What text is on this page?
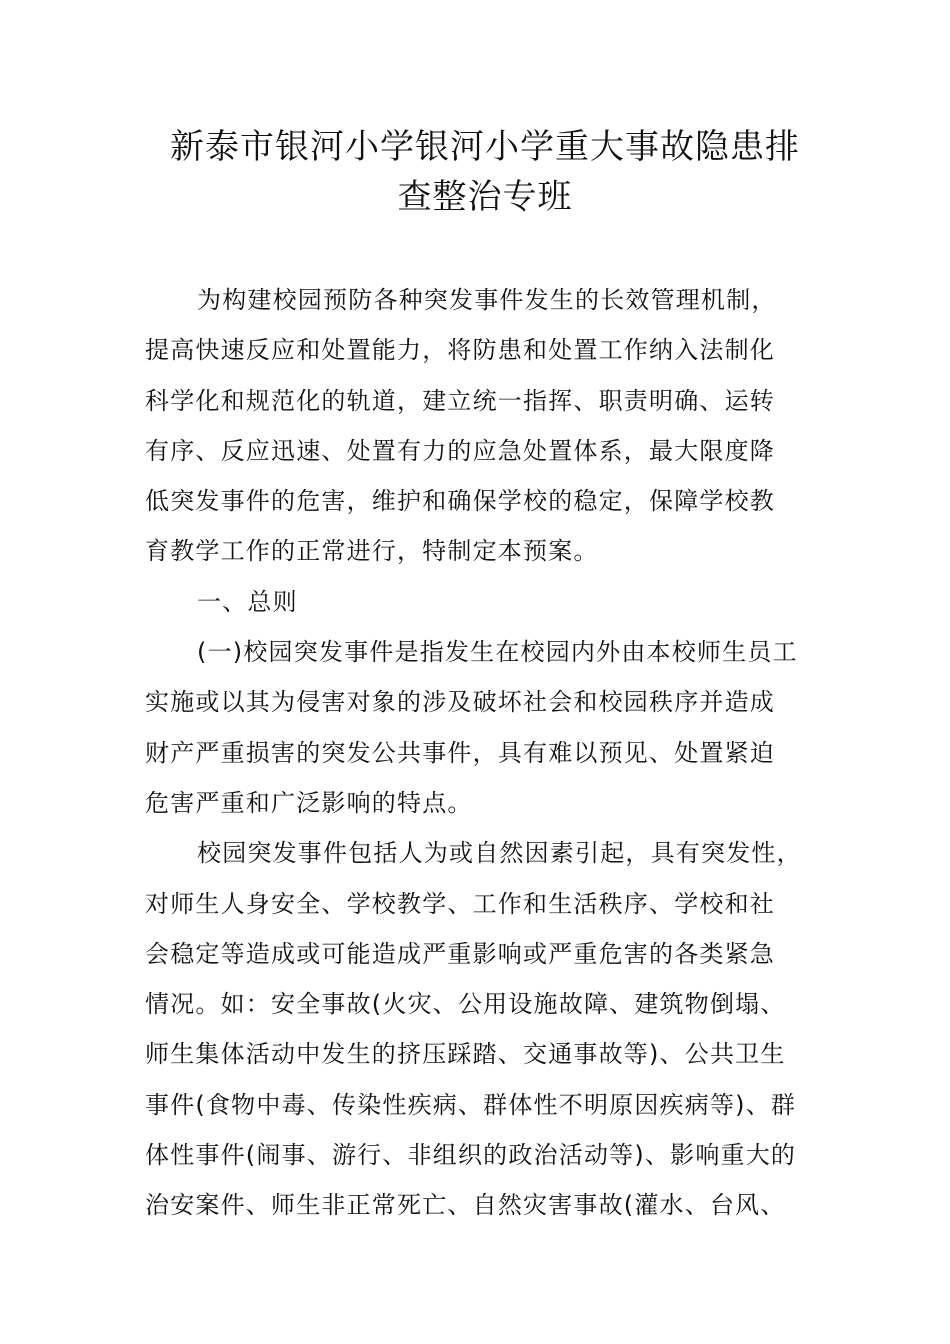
新泰市银河小学银河小学重大事故隐患排
查整治专班
为构建校园预防各种突发事件发生的长效管理机制，
提高快速反应和处置能力，将防患和处置工作纳入法制化
科学化和规范化的轨道，建立统一指挥、职责明确、运转
有序、反应迅速、处置有力的应急处置体系，最大限度降
低突发事件的危害，维护和确保学校的稳定，保障学校教
育教学工作的正常进行，特制定本预案。
一、总则
(一)校园突发事件是指发生在校园内外由本校师生员工
实施或以其为侵害对象的涉及破坏社会和校园秩序并造成
财产严重损害的突发公共事件，具有难以预见、处置紧迫
危害严重和广泛影响的特点。
校园突发事件包括人为或自然因素引起，具有突发性，
对师生人身安全、学校教学、工作和生活秩序、学校和社
会稳定等造成或可能造成严重影响或严重危害的各类紧急
情况。如：安全事故(火灾、公用设施故障、建筑物倒塌、
师生集体活动中发生的挤压踩踏、交通事故等)、公共卫生
事件(食物中毒、传染性疾病、群体性不明原因疾病等)、群
体性事件(闹事、游行、非组织的政治活动等)、影响重大的
治安案件、师生非正常死亡、自然灾害事故(灌水、台风、
